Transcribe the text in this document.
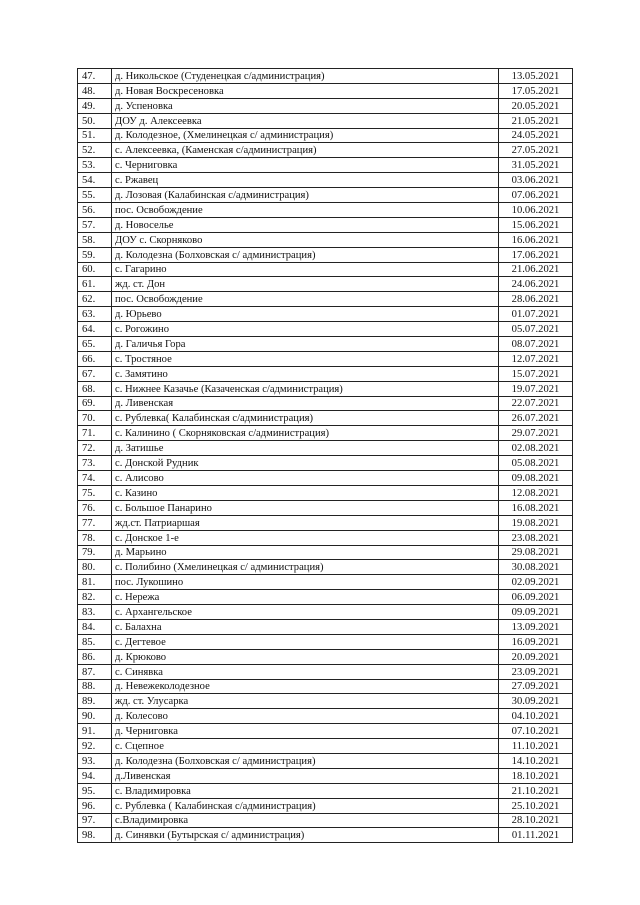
47.	д. Никольское (Студенецкая с/администрация)	13.05.2021
48.	д. Новая Воскресеновка	17.05.2021
49.	д. Успеновка	20.05.2021
50.	ДОУ д. Алексеевка	21.05.2021
51.	д. Колодезное, (Хмелинецкая с/ администрация)	24.05.2021
52.	с. Алексеевка, (Каменская с/администрация)	27.05.2021
53.	с. Черниговка	31.05.2021
54.	с. Ржавец	03.06.2021
55.	д. Лозовая (Калабинская с/администрация)	07.06.2021
56.	пос. Освобождение	10.06.2021
57.	д. Новоселье	15.06.2021
58.	ДОУ с. Скорняково	16.06.2021
59.	д. Колодезна (Болховская с/ администрация)	17.06.2021
60.	с. Гагарино	21.06.2021
61.	жд. ст. Дон	24.06.2021
62.	пос. Освобождение	28.06.2021
63.	д. Юрьево	01.07.2021
64.	с. Рогожино	05.07.2021
65.	д. Галичья Гора	08.07.2021
66.	с. Тростяное	12.07.2021
67.	с. Замятино	15.07.2021
68.	с. Нижнее Казачье (Казаченская с/администрация)	19.07.2021
69.	д. Ливенская	22.07.2021
70.	с. Рублевка( Калабинская с/администрация)	26.07.2021
71.	с. Калинино ( Скорняковская с/администрация)	29.07.2021
72.	д. Затишье	02.08.2021
73.	с. Донской Рудник	05.08.2021
74.	с. Алисово	09.08.2021
75.	с. Казино	12.08.2021
76.	с. Большое Панарино	16.08.2021
77.	жд.ст. Патриаршая	19.08.2021
78.	с. Донское 1-е	23.08.2021
79.	д. Марьино	29.08.2021
80.	с. Полибино (Хмелинецкая с/ администрация)	30.08.2021
81.	пос. Лукошино	02.09.2021
82.	с. Нережа	06.09.2021
83.	с. Архангельское	09.09.2021
84.	с. Балахна	13.09.2021
85.	с. Дегтевое	16.09.2021
86.	д. Крюково	20.09.2021
87.	с. Синявка	23.09.2021
88.	д. Невежеколодезное	27.09.2021
89.	жд. ст. Улусарка	30.09.2021
90.	д. Колесово	04.10.2021
91.	д. Черниговка	07.10.2021
92.	с. Сцепное	11.10.2021
93.	д. Колодезна (Болховская с/ администрация)	14.10.2021
94.	д.Ливенская	18.10.2021
95.	с. Владимировка	21.10.2021
96.	с. Рублевка ( Калабинская с/администрация)	25.10.2021
97.	с.Владимировка	28.10.2021
98.	д. Синявки (Бутырская с/ администрация)	01.11.2021
